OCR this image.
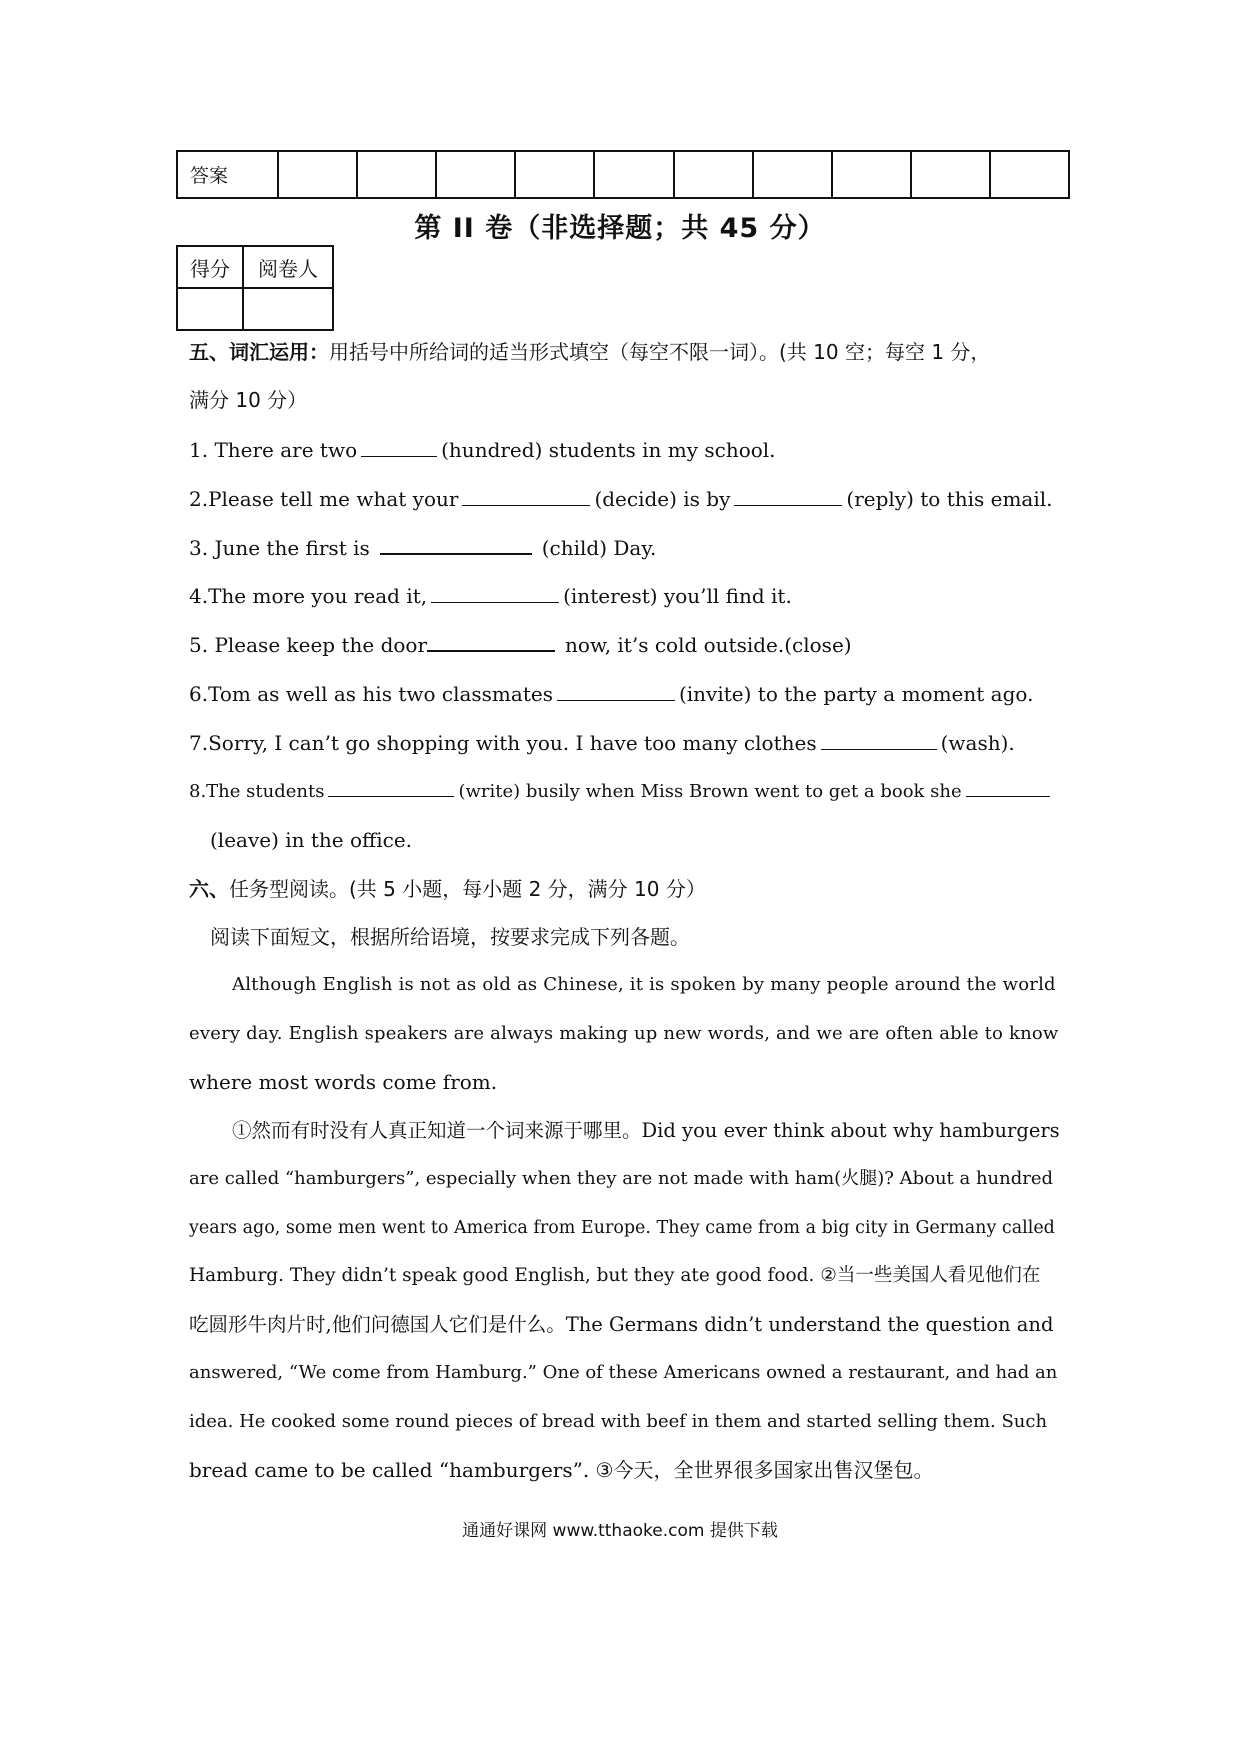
答案										
第 II 卷（非选择题；共 45 分）
得分	阅卷人

五、词汇运用：用括号中所给词的适当形式填空（每空不限一词）。(共 10 空；每空 1 分，
满分 10 分）
1. There are two	(hundred) students in my school.
2.Please tell me what your	(decide) is by	(reply) to this email.
3. June the first is	(child) Day.
4.The more you read it,	(interest) you’ll find it.
5. Please keep the door	now, it’s cold outside.(close)
6.Tom as well as his two classmates	(invite) to the party a moment ago.
7.Sorry, I can’t go shopping with you. I have too many clothes	(wash).
8.The students	(write) busily when Miss Brown went to get a book she
(leave) in the office.
六、任务型阅读。(共 5 小题，每小题 2 分，满分 10 分）
阅读下面短文，根据所给语境，按要求完成下列各题。
Although English is not as old as Chinese, it is spoken by many people around the world
every day. English speakers are always making up new words, and we are often able to know
where most words come from.
①然而有时没有人真正知道一个词来源于哪里。Did you ever think about why hamburgers
are called “hamburgers”, especially when they are not made with ham(火腿)? About a hundred
years ago, some men went to America from Europe. They came from a big city in Germany called
Hamburg. They didn’t speak good English, but they ate good food. ②当一些美国人看见他们在
吃圆形牛肉片时,他们问德国人它们是什么。The Germans didn’t understand the question and
answered, “We come from Hamburg.” One of these Americans owned a restaurant, and had an
idea. He cooked some round pieces of bread with beef in them and started selling them. Such
bread came to be called “hamburgers”. ③今天，全世界很多国家出售汉堡包。
通通好课网 www.tthaoke.com 提供下载
